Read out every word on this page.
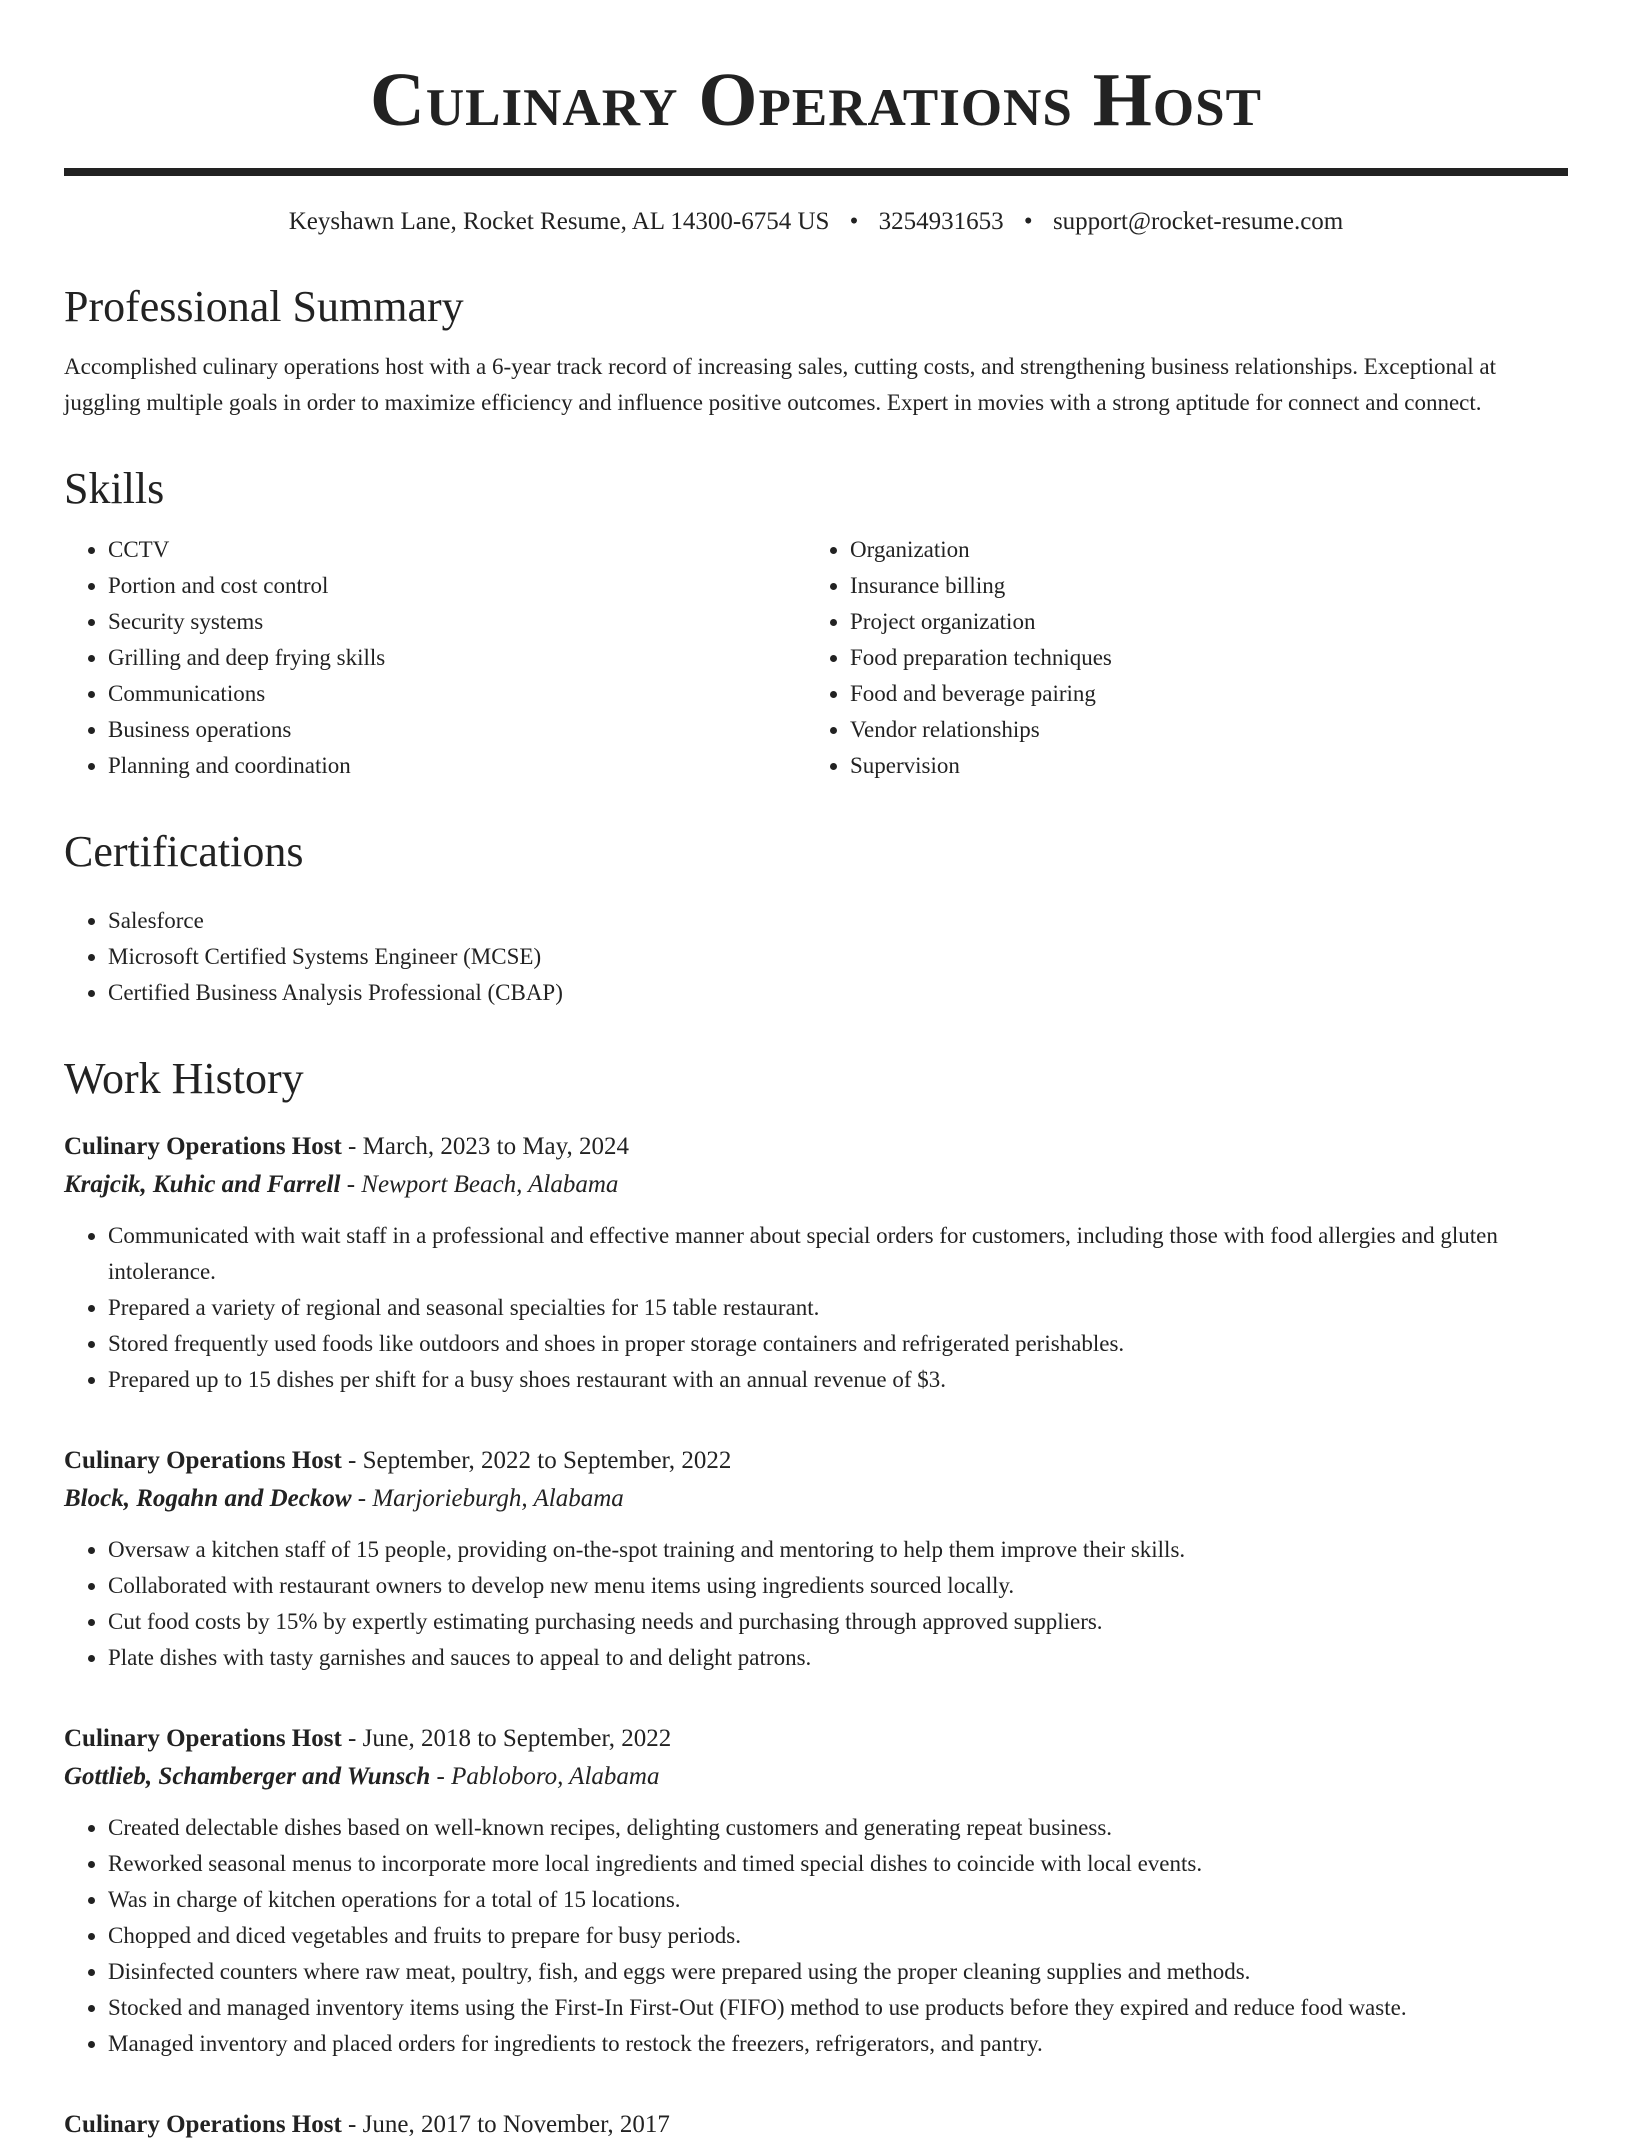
Culinary Operations Host
Keyshawn Lane, Rocket Resume, AL 14300-6754 US • 3254931653 • support@rocket-resume.com
Professional Summary

Accomplished culinary operations host with a 6-year track record of increasing sales, cutting costs, and strengthening business relationships. Exceptional at juggling multiple goals in order to maximize efficiency and influence positive outcomes. Expert in movies with a strong aptitude for connect and connect.

Skills
• CCTV
• Portion and cost control
• Security systems
• Grilling and deep frying skills
• Communications
• Business operations
• Planning and coordination
• Organization
• Insurance billing
• Project organization
• Food preparation techniques
• Food and beverage pairing
• Vendor relationships
• Supervision
Certifications
• Salesforce
• Microsoft Certified Systems Engineer (MCSE)
• Certified Business Analysis Professional (CBAP)
Work History
Culinary Operations Host - March, 2023 to May, 2024
Krajcik, Kuhic and Farrell - Newport Beach, Alabama
• Communicated with wait staff in a professional and effective manner about special orders for customers, including those with food allergies and gluten intolerance.
• Prepared a variety of regional and seasonal specialties for 15 table restaurant.
• Stored frequently used foods like outdoors and shoes in proper storage containers and refrigerated perishables.
• Prepared up to 15 dishes per shift for a busy shoes restaurant with an annual revenue of $3.
Culinary Operations Host - September, 2022 to September, 2022
Block, Rogahn and Deckow - Marjorieburgh, Alabama
• Oversaw a kitchen staff of 15 people, providing on-the-spot training and mentoring to help them improve their skills.
• Collaborated with restaurant owners to develop new menu items using ingredients sourced locally.
• Cut food costs by 15% by expertly estimating purchasing needs and purchasing through approved suppliers.
• Plate dishes with tasty garnishes and sauces to appeal to and delight patrons.
Culinary Operations Host - June, 2018 to September, 2022
Gottlieb, Schamberger and Wunsch - Pabloboro, Alabama
• Created delectable dishes based on well-known recipes, delighting customers and generating repeat business.
• Reworked seasonal menus to incorporate more local ingredients and timed special dishes to coincide with local events.
• Was in charge of kitchen operations for a total of 15 locations.
• Chopped and diced vegetables and fruits to prepare for busy periods.
• Disinfected counters where raw meat, poultry, fish, and eggs were prepared using the proper cleaning supplies and methods.
• Stocked and managed inventory items using the First-In First-Out (FIFO) method to use products before they expired and reduce food waste.
• Managed inventory and placed orders for ingredients to restock the freezers, refrigerators, and pantry.
Culinary Operations Host - June, 2017 to November, 2017
